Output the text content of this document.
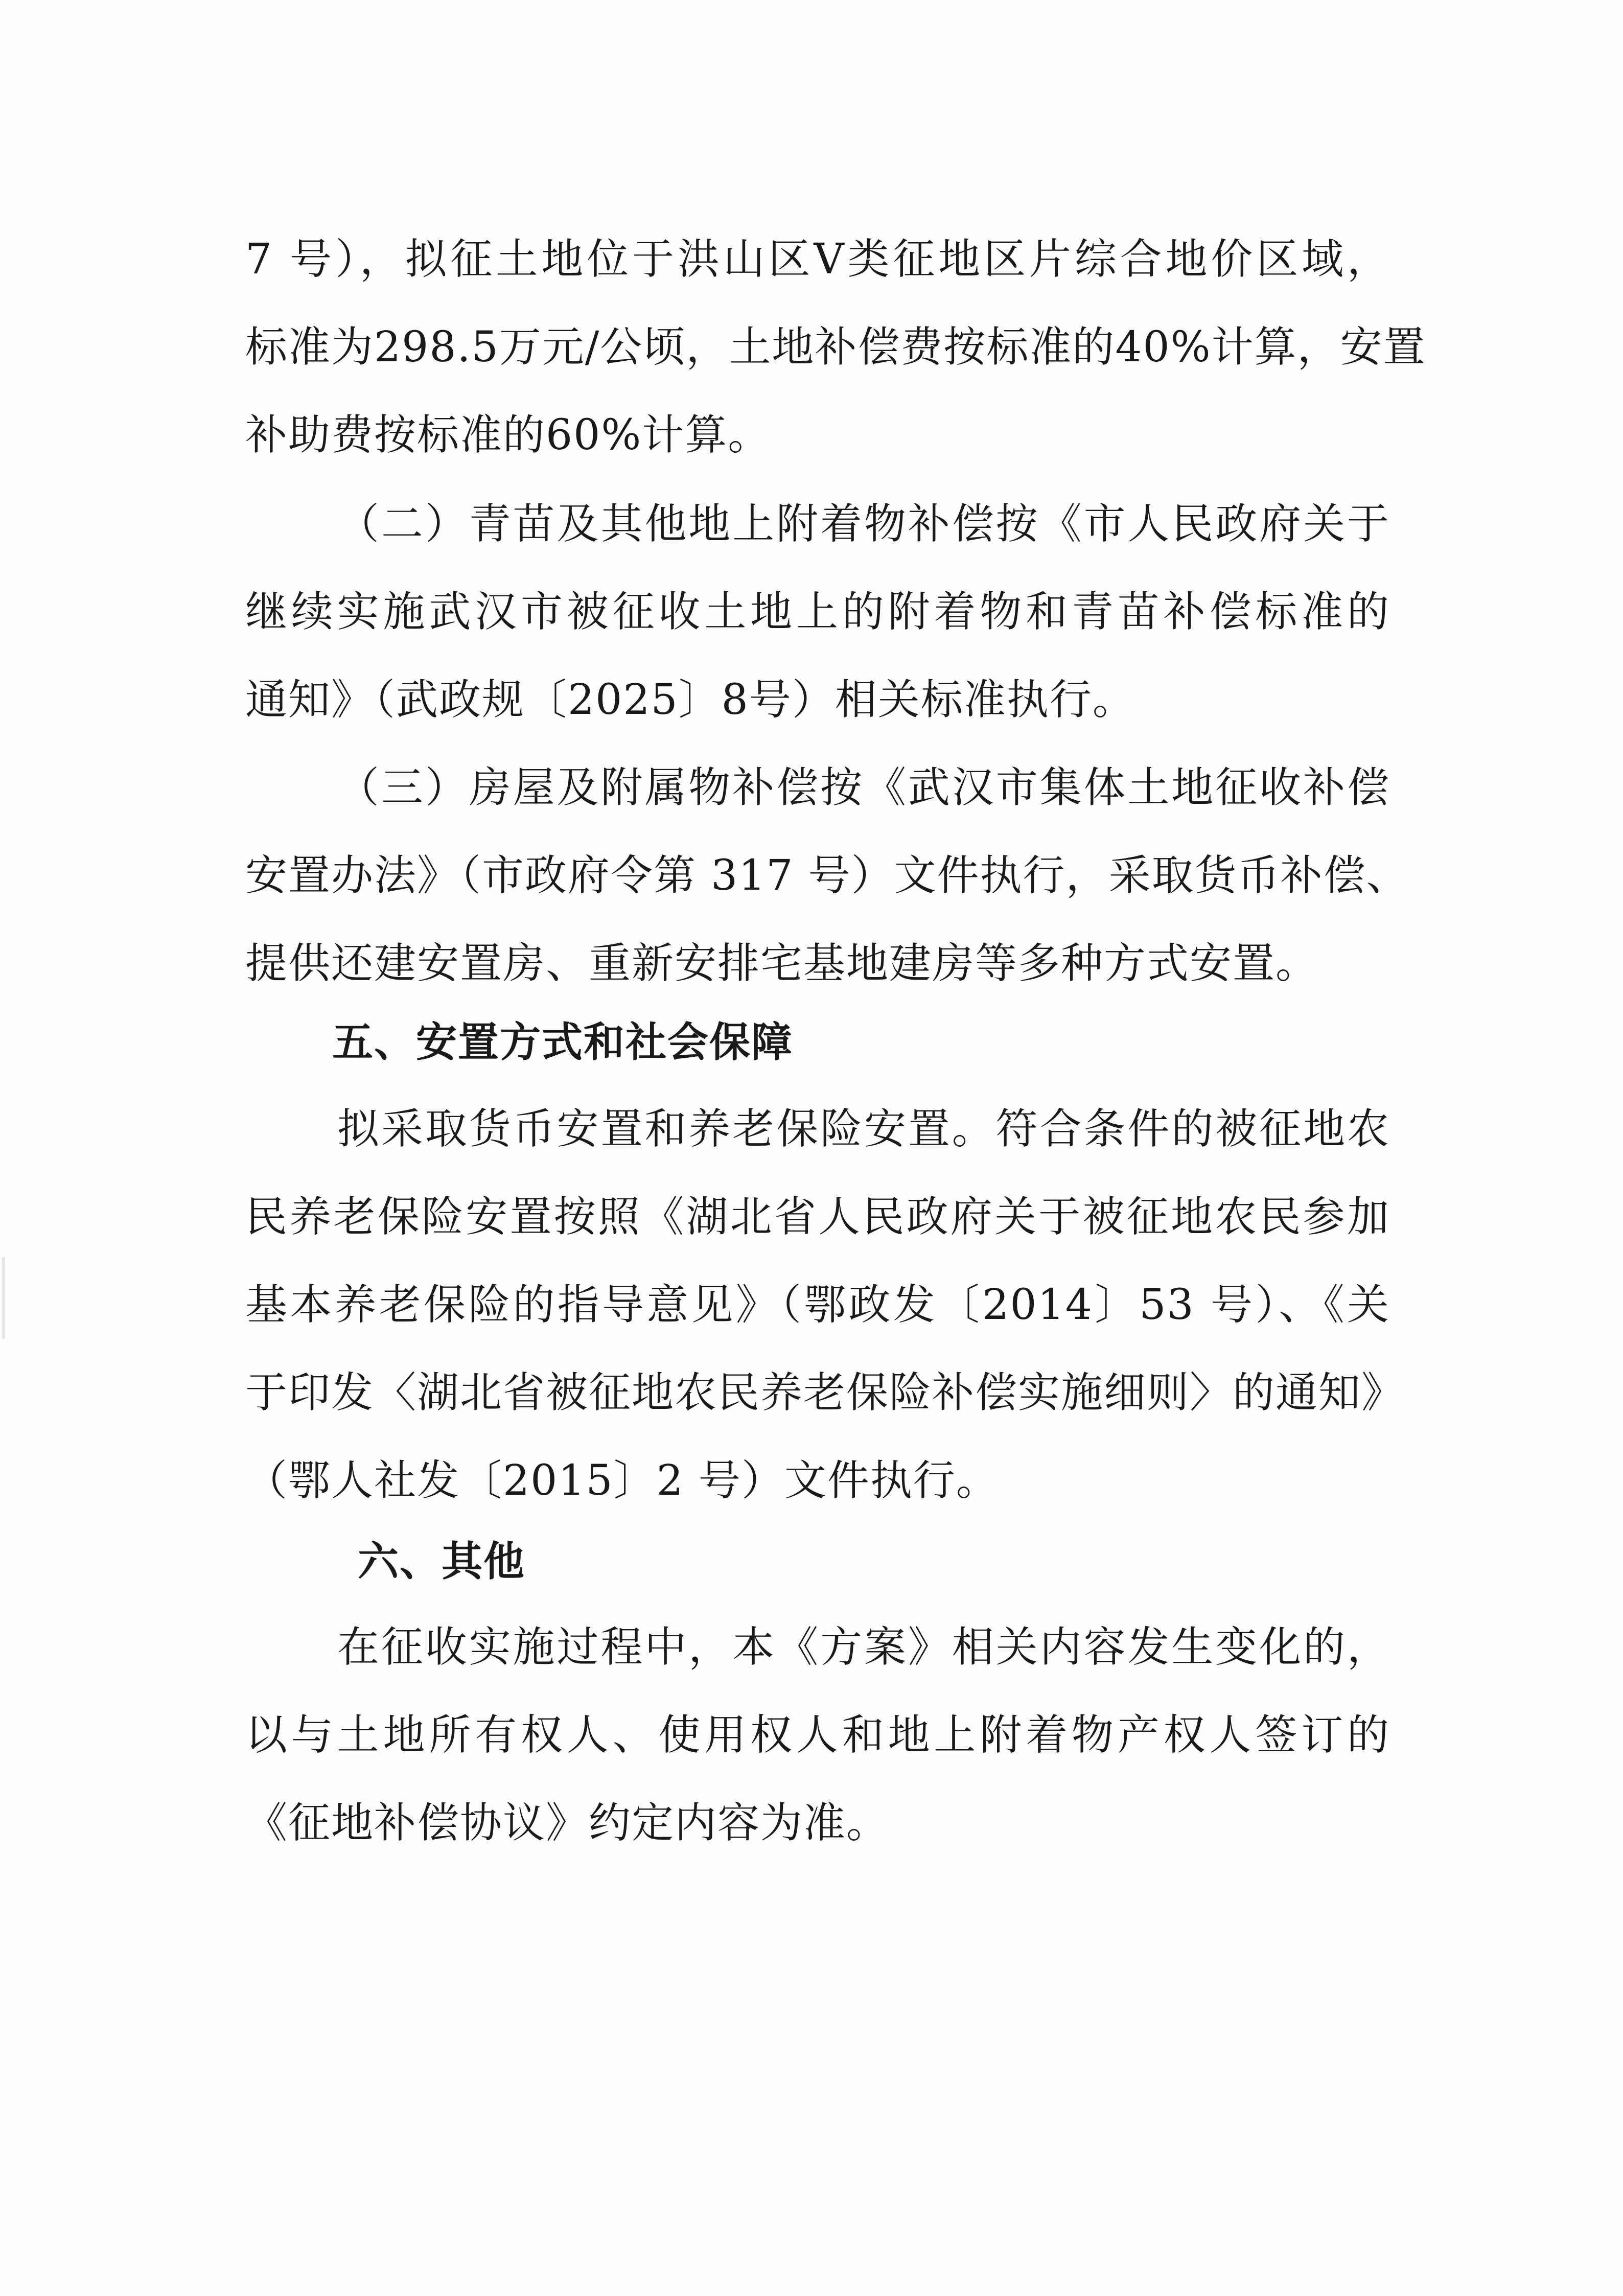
7 号），拟征土地位于洪山区Ⅴ类征地区片综合地价区域，
标准为298.5万元/公顷，土地补偿费按标准的40%计算，安置
补助费按标准的60%计算。
（二）青苗及其他地上附着物补偿按《市人民政府关于
继续实施武汉市被征收土地上的附着物和青苗补偿标准的
通知》（武政规〔2025〕8号）相关标准执行。
（三）房屋及附属物补偿按《武汉市集体土地征收补偿
安置办法》（市政府令第 317 号）文件执行，采取货币补偿、
提供还建安置房、重新安排宅基地建房等多种方式安置。
五、安置方式和社会保障
拟采取货币安置和养老保险安置。符合条件的被征地农
民养老保险安置按照《湖北省人民政府关于被征地农民参加
基本养老保险的指导意见》（鄂政发〔2014〕53 号）、《关
于印发〈湖北省被征地农民养老保险补偿实施细则〉的通知》
（鄂人社发〔2015〕2 号）文件执行。
六、其他
在征收实施过程中，本《方案》相关内容发生变化的，
以与土地所有权人、使用权人和地上附着物产权人签订的
《征地补偿协议》约定内容为准。
